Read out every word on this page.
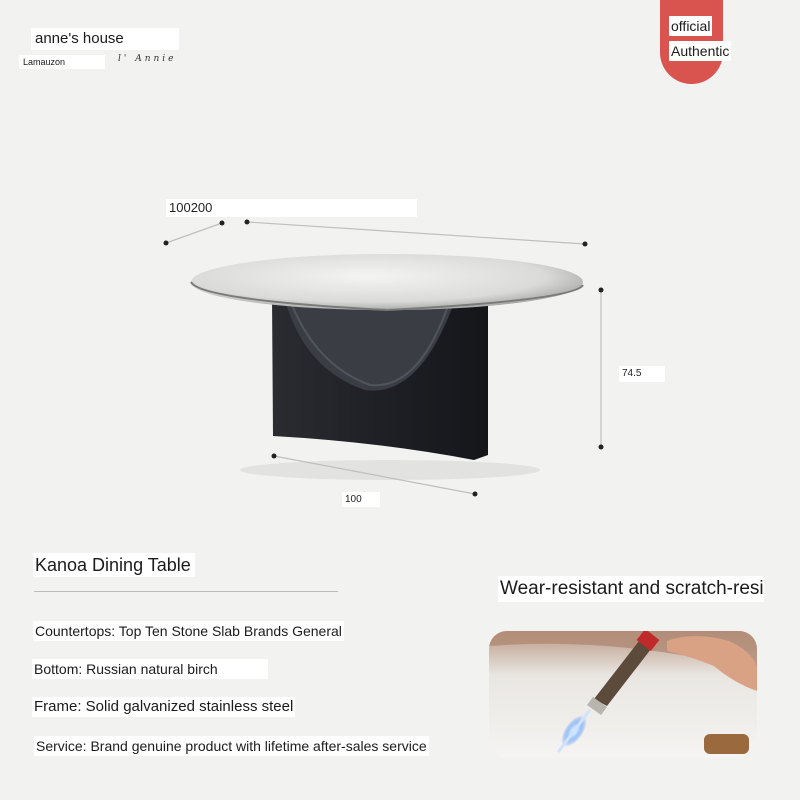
anne's house
Lamauzon	l' Annie
official
Authentic
100200
74.5
100
Kanoa Dining Table
Countertops: Top Ten Stone Slab Brands General
Bottom: Russian natural birch
Frame: Solid galvanized stainless steel
Service: Brand genuine product with lifetime after-sales service
Wear-resistant and scratch-resi
